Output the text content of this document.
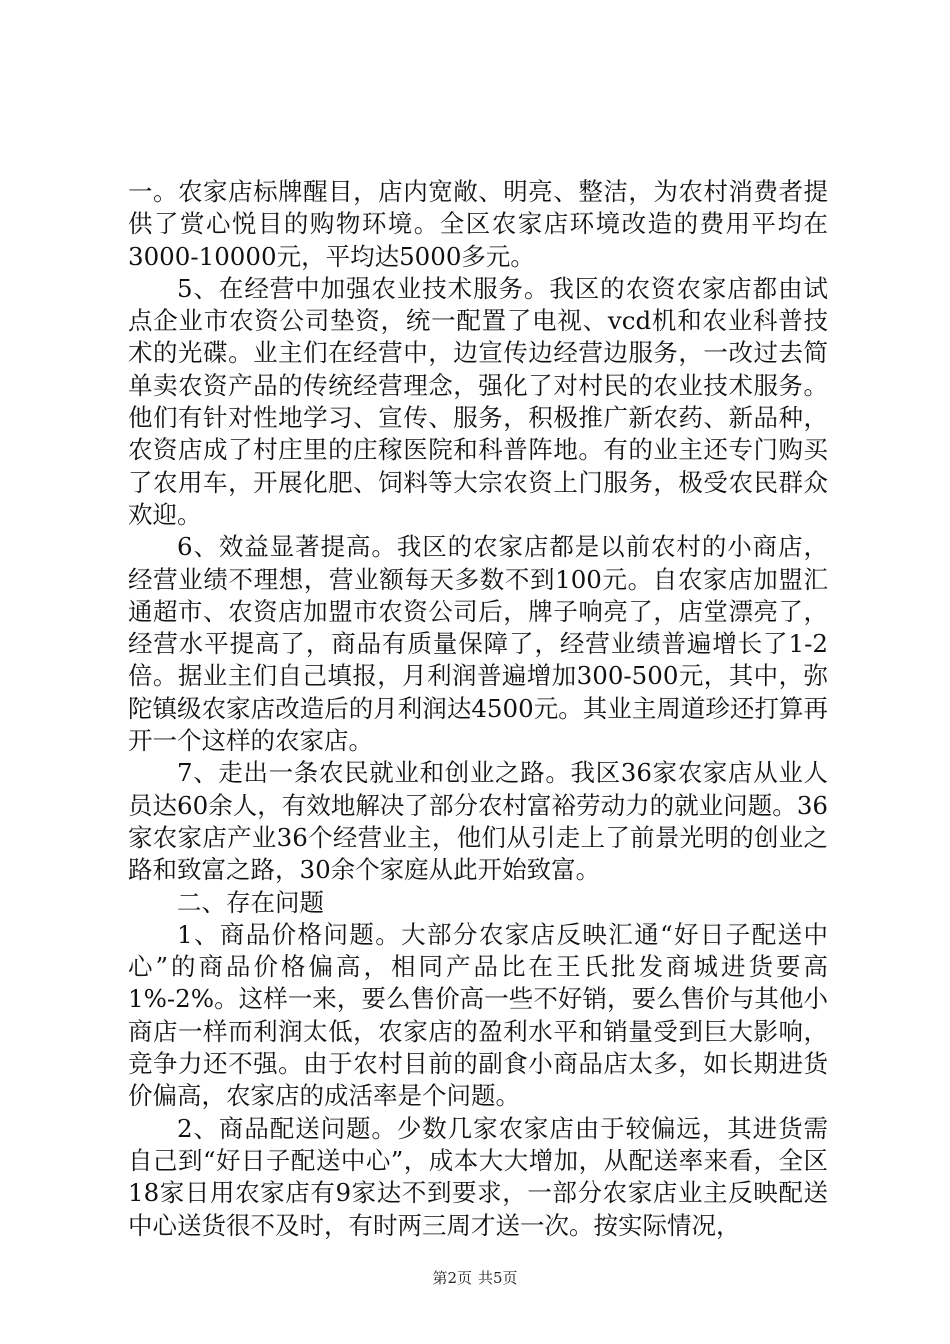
一。农家店标牌醒目，店内宽敞、明亮、整洁，为农村消费者提供了赏心悦目的购物环境。全区农家店环境改造的费用平均在3000-10000元，平均达5000多元。

5、在经营中加强农业技术服务。我区的农资农家店都由试点企业市农资公司垫资，统一配置了电视、vcd机和农业科普技术的光碟。业主们在经营中，边宣传边经营边服务，一改过去简单卖农资产品的传统经营理念，强化了对村民的农业技术服务。他们有针对性地学习、宣传、服务，积极推广新农药、新品种，农资店成了村庄里的庄稼医院和科普阵地。有的业主还专门购买了农用车，开展化肥、饲料等大宗农资上门服务，极受农民群众欢迎。

6、效益显著提高。我区的农家店都是以前农村的小商店，经营业绩不理想，营业额每天多数不到100元。自农家店加盟汇通超市、农资店加盟市农资公司后，牌子响亮了，店堂漂亮了，经营水平提高了，商品有质量保障了，经营业绩普遍增长了1-2倍。据业主们自己填报，月利润普遍增加300-500元，其中，弥陀镇级农家店改造后的月利润达4500元。其业主周道珍还打算再开一个这样的农家店。

7、走出一条农民就业和创业之路。我区36家农家店从业人员达60余人，有效地解决了部分农村富裕劳动力的就业问题。36家农家店产业36个经营业主，他们从引走上了前景光明的创业之路和致富之路，30余个家庭从此开始致富。

二、存在问题

1、商品价格问题。大部分农家店反映汇通“好日子配送中心”的商品价格偏高，相同产品比在王氏批发商城进货要高1%-2%。这样一来，要么售价高一些不好销，要么售价与其他小商店一样而利润太低，农家店的盈利水平和销量受到巨大影响，竞争力还不强。由于农村目前的副食小商品店太多，如长期进货价偏高，农家店的成活率是个问题。

2、商品配送问题。少数几家农家店由于较偏远，其进货需自己到“好日子配送中心”，成本大大增加，从配送率来看，全区18家日用农家店有9家达不到要求，一部分农家店业主反映配送中心送货很不及时，有时两三周才送一次。按实际情况，

第2页 共5页
